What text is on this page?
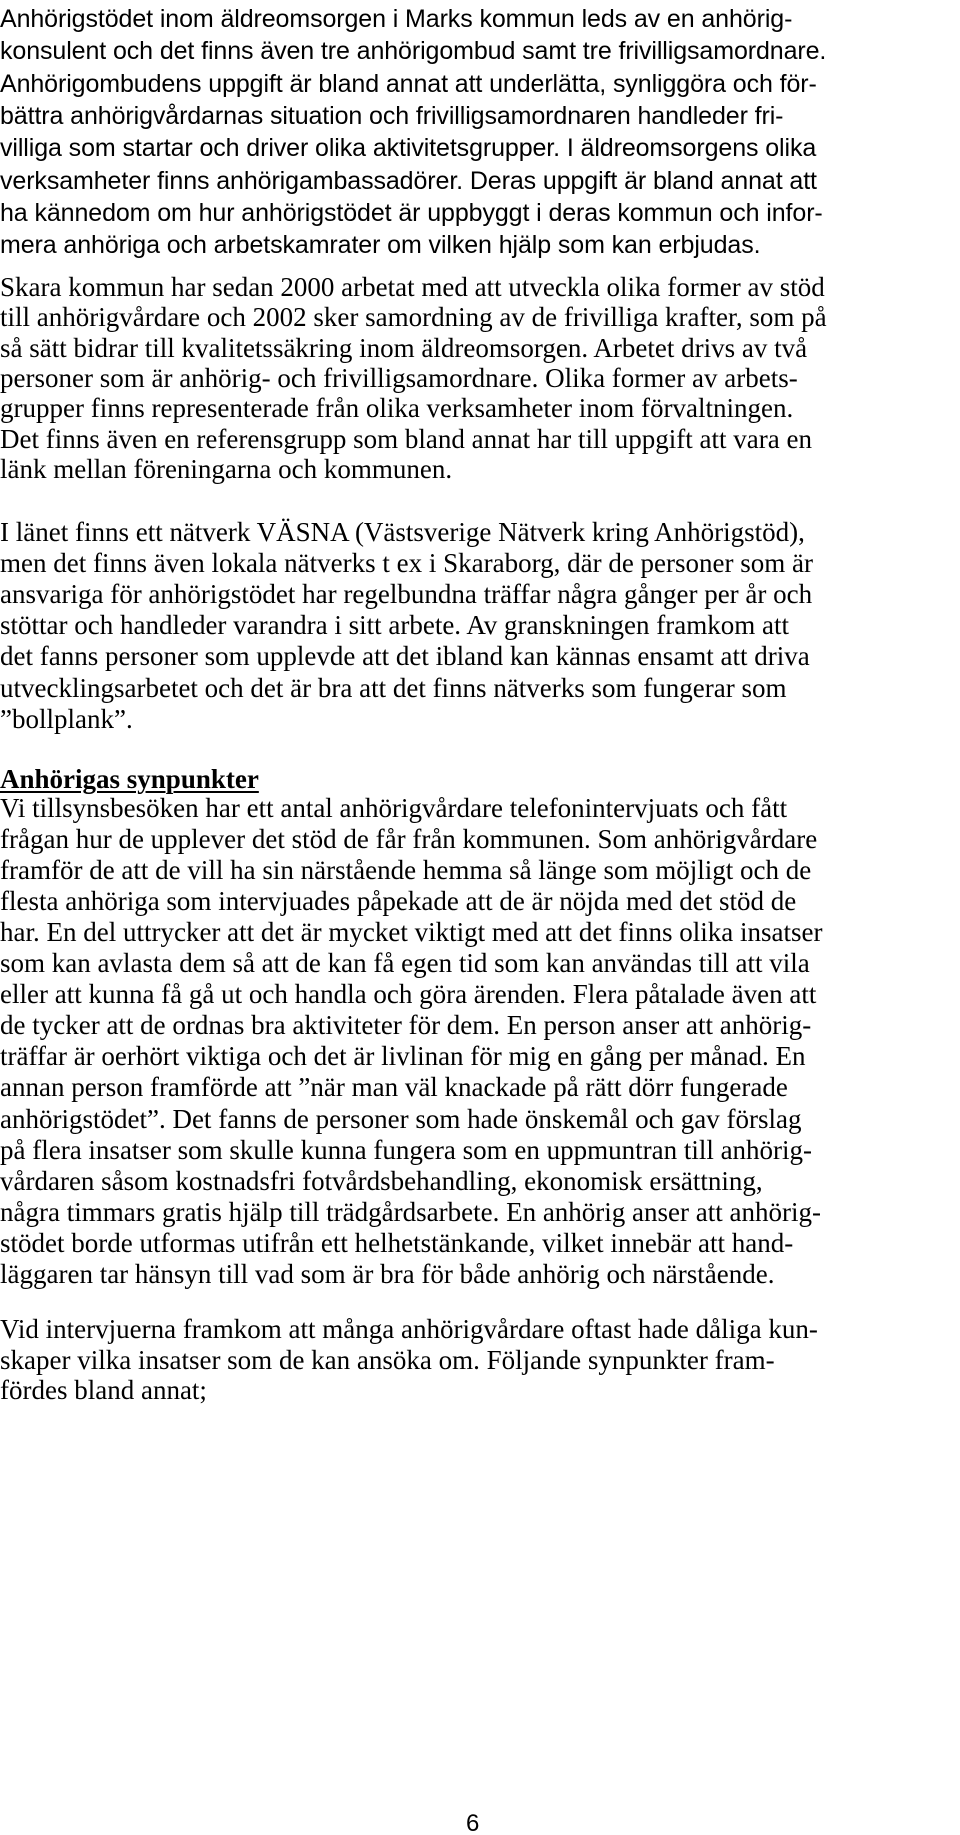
Anhörigstödet inom äldreomsorgen i Marks kommun leds av en anhörig-
konsulent och det finns även tre anhörigombud samt tre frivilligsamordnare.
Anhörigombudens uppgift är bland annat att underlätta, synliggöra och för-
bättra anhörigvårdarnas situation och frivilligsamordnaren handleder fri-
villiga som startar och driver olika aktivitetsgrupper. I äldreomsorgens olika
verksamheter finns anhörigambassadörer. Deras uppgift är bland annat att
ha kännedom om hur anhörigstödet är uppbyggt i deras kommun och infor-
mera anhöriga och arbetskamrater om vilken hjälp som kan erbjudas.
Skara kommun har sedan 2000 arbetat med att utveckla olika former av stöd
till anhörigvårdare och 2002 sker samordning av de frivilliga krafter, som på
så sätt bidrar till kvalitetssäkring inom äldreomsorgen. Arbetet drivs av två
personer som är anhörig- och frivilligsamordnare. Olika former av arbets-
grupper finns representerade från olika verksamheter inom förvaltningen.
Det finns även en referensgrupp som bland annat har till uppgift att vara en
länk mellan föreningarna och kommunen.
I länet finns ett nätverk VÄSNA (Västsverige Nätverk kring Anhörigstöd),
men det finns även lokala nätverks t ex i Skaraborg, där de personer som är
ansvariga för anhörigstödet har regelbundna träffar några gånger per år och
stöttar och handleder varandra i sitt arbete. Av granskningen framkom att
det fanns personer som upplevde att det ibland kan kännas ensamt att driva
utvecklingsarbetet och det är bra att det finns nätverks som fungerar som
”bollplank”.
Anhörigas synpunkter
Vi tillsynsbesöken har ett antal anhörigvårdare telefonintervjuats och fått
frågan hur de upplever det stöd de får från kommunen. Som anhörigvårdare
framför de att de vill ha sin närstående hemma så länge som möjligt och de
flesta anhöriga som intervjuades påpekade att de är nöjda med det stöd de
har. En del uttrycker att det är mycket viktigt med att det finns olika insatser
som kan avlasta dem så att de kan få egen tid som kan användas till att vila
eller att kunna få gå ut och handla och göra ärenden. Flera påtalade även att
de tycker att de ordnas bra aktiviteter för dem. En person anser att anhörig-
träffar är oerhört viktiga och det är livlinan för mig en gång per månad. En
annan person framförde att ”när man väl knackade på rätt dörr fungerade
anhörigstödet”. Det fanns de personer som hade önskemål och gav förslag
på flera insatser som skulle kunna fungera som en uppmuntran till anhörig-
vårdaren såsom kostnadsfri fotvårdsbehandling, ekonomisk ersättning,
några timmars gratis hjälp till trädgårdsarbete. En anhörig anser att anhörig-
stödet borde utformas utifrån ett helhetstänkande, vilket innebär att hand-
läggaren tar hänsyn till vad som är bra för både anhörig och närstående.
Vid intervjuerna framkom att många anhörigvårdare oftast hade dåliga kun-
skaper vilka insatser som de kan ansöka om. Följande synpunkter fram-
fördes bland annat;
6
